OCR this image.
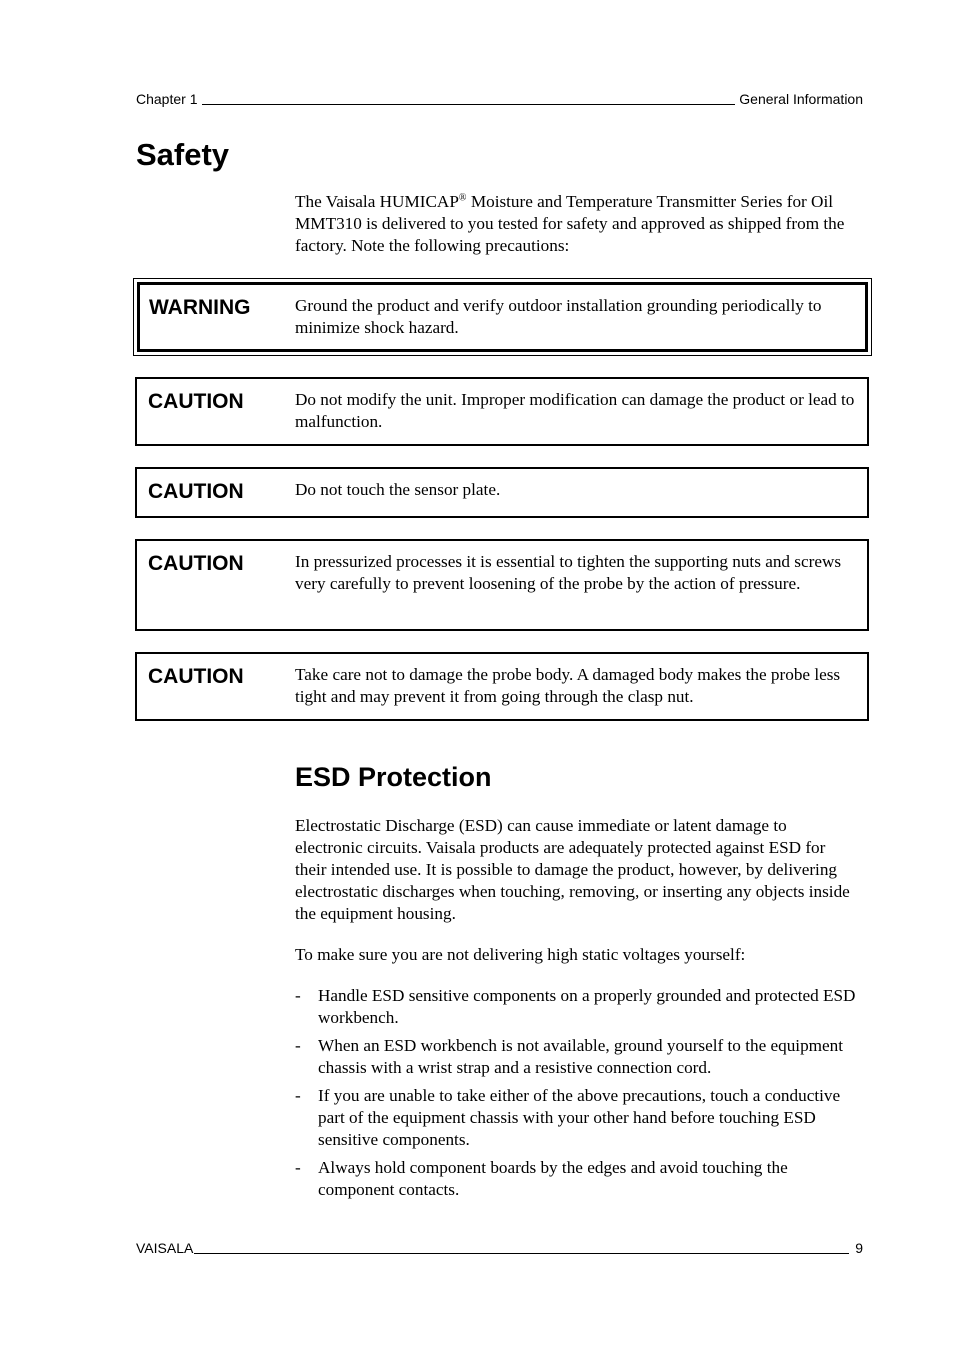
Chapter 1	General Information
Safety

The Vaisala HUMICAP® Moisture and Temperature Transmitter Series for Oil MMT310 is delivered to you tested for safety and approved as shipped from the factory. Note the following precautions:

WARNING	Ground the product and verify outdoor installation grounding periodically to minimize shock hazard.
CAUTION	Do not modify the unit. Improper modification can damage the product or lead to malfunction.
CAUTION	Do not touch the sensor plate.
CAUTION	In pressurized processes it is essential to tighten the supporting nuts and screws very carefully to prevent loosening of the probe by the action of pressure.
CAUTION	Take care not to damage the probe body. A damaged body makes the probe less tight and may prevent it from going through the clasp nut.
ESD Protection

Electrostatic Discharge (ESD) can cause immediate or latent damage to electronic circuits. Vaisala products are adequately protected against ESD for their intended use. It is possible to damage the product, however, by delivering electrostatic discharges when touching, removing, or inserting any objects inside the equipment housing.

To make sure you are not delivering high static voltages yourself:

- Handle ESD sensitive components on a properly grounded and protected ESD workbench.
- When an ESD workbench is not available, ground yourself to the equipment chassis with a wrist strap and a resistive connection cord.
- If you are unable to take either of the above precautions, touch a conductive part of the equipment chassis with your other hand before touching ESD sensitive components.
- Always hold component boards by the edges and avoid touching the component contacts.
VAISALA	9
